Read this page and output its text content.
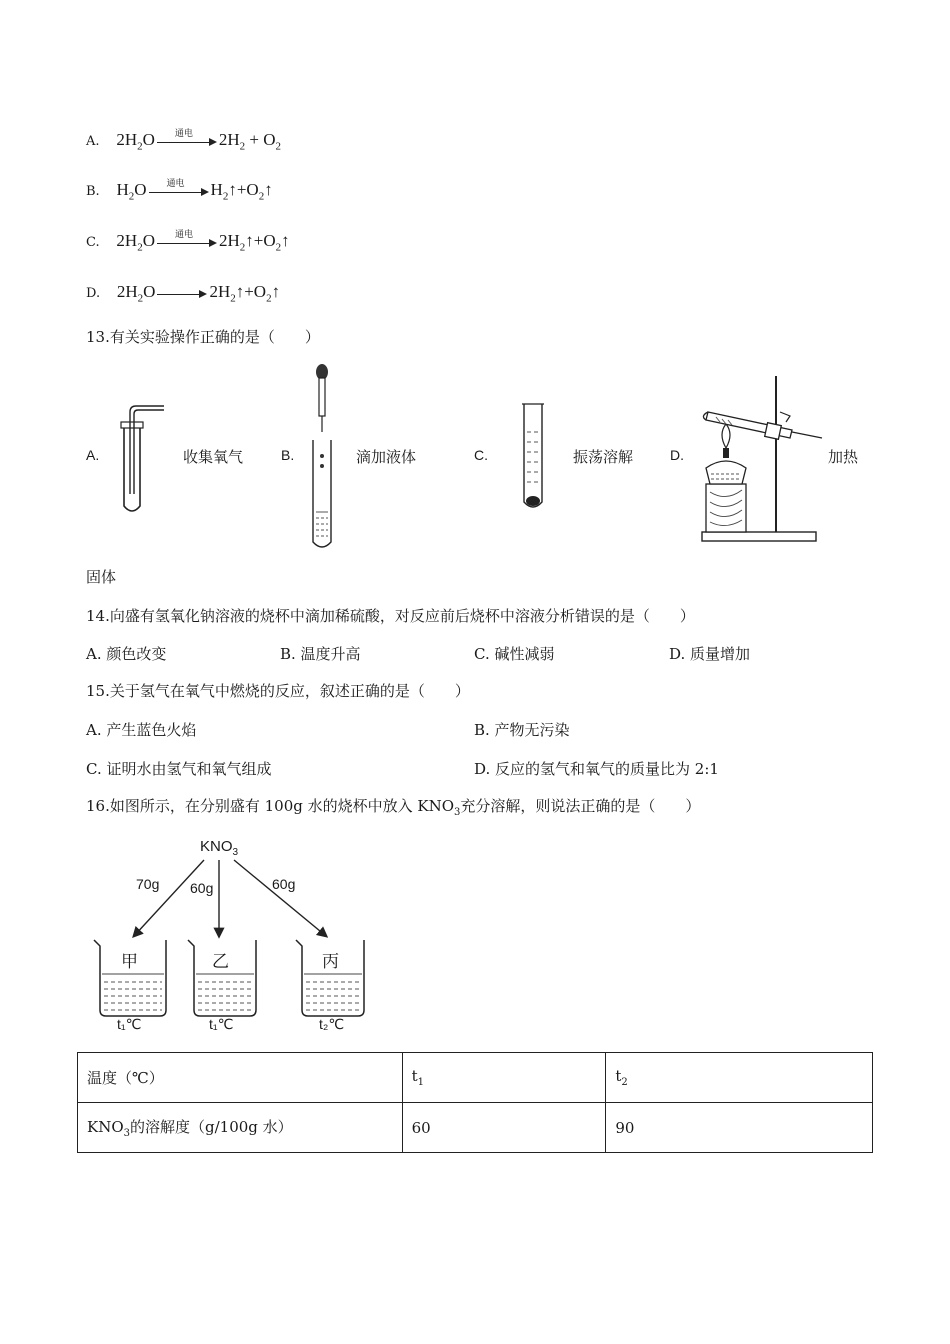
A. $2H_2O$	通电	$2H_2 + O_2$
B. $H_2O$	通电	$H_2↑+O_2↑$
C. $2H_2O$	通电	$2H_2↑+O_2↑$
D. $2H_2O$	$2H_2↑+O_2↑$
13.有关实验操作正确的是（　　）
A.	收集氧气	B.	滴加液体	C.	振荡溶解	D.	加热
固体
14.向盛有氢氧化钠溶液的烧杯中滴加稀硫酸，对反应前后烧杯中溶液分析错误的是（　　）
A. 颜色改变	B. 温度升高	C. 碱性减弱	D. 质量增加
15.关于氢气在氧气中燃烧的反应，叙述正确的是（　　）
A. 产生蓝色火焰	B. 产物无污染
C. 证明水由氢气和氧气组成	D. 反应的氢气和氧气的质量比为 2:1
16.如图所示，在分别盛有 100g 水的烧杯中放入 $KNO_3$充分溶解，则说法正确的是（　　）
$KNO_3$
70g 60g	60g
甲	乙	丙
t₁℃	t₁℃	t₂℃
温度（℃）	$t_1$	$t_2$
$KNO_3$的溶解度（g/100g 水）	60	90
